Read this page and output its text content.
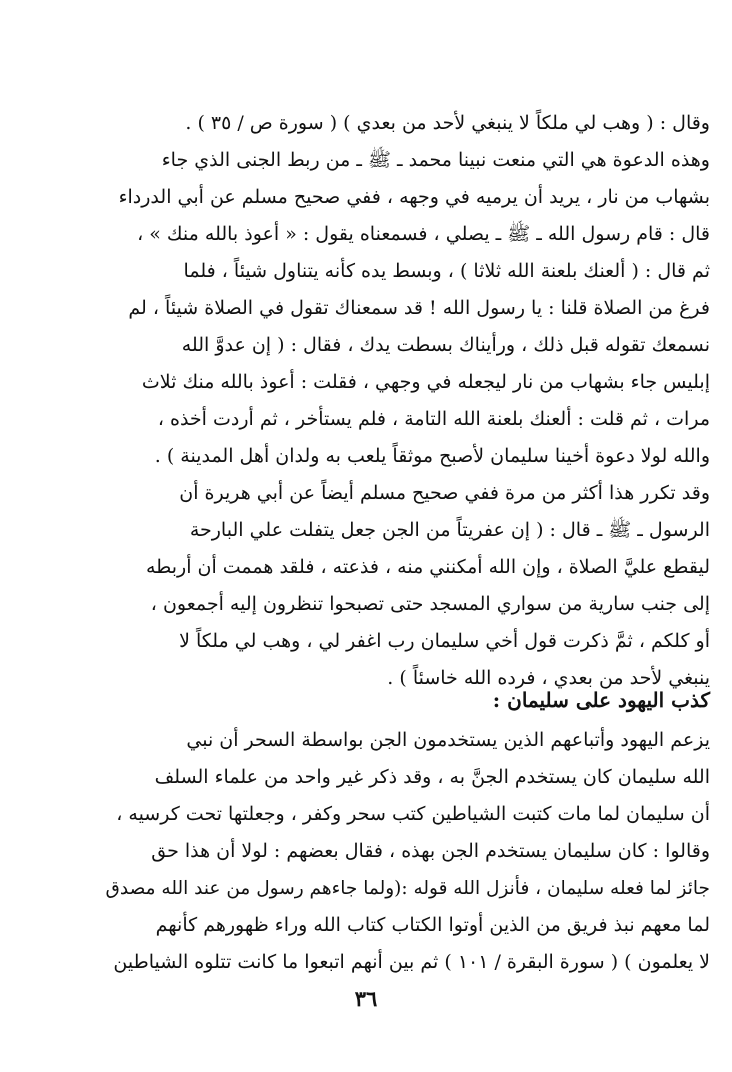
وقال : ( وهب لي ملكاً لا ينبغي لأحد من بعدي ) ( سورة ص / ٣٥ ) .
وهذه الدعوة هي التي منعت نبينا محمد ـ ﷺ ـ من ربط الجنى الذي جاء
بشهاب من نار ، يريد أن يرميه في وجهه ، ففي صحيح مسلم عن أبي الدرداء
قال : قام رسول الله ـ ﷺ ـ يصلي ، فسمعناه يقول : « أعوذ بالله منك » ،
ثم قال : ( ألعنك بلعنة الله ثلاثا ) ، وبسط يده كأنه يتناول شيئاً ، فلما
فرغ من الصلاة قلنا : يا رسول الله ! قد سمعناك تقول في الصلاة شيئاً ، لم
نسمعك تقوله قبل ذلك ، ورأيناك بسطت يدك ، فقال : ( إن عدوَّ الله
إبليس جاء بشهاب من نار ليجعله في وجهي ، فقلت : أعوذ بالله منك ثلاث
مرات ، ثم قلت : ألعنك بلعنة الله التامة ، فلم يستأخر ، ثم أردت أخذه ،
والله لولا دعوة أخينا سليمان لأصبح موثقاً يلعب به ولدان أهل المدينة ) .
وقد تكرر هذا أكثر من مرة ففي صحيح مسلم أيضاً عن أبي هريرة أن
الرسول ـ ﷺ ـ قال : ( إن عفريتاً من الجن جعل يتفلت علي البارحة
ليقطع عليَّ الصلاة ، وإن الله أمكنني منه ، فذعته ، فلقد هممت أن أربطه
إلى جنب سارية من سواري المسجد حتى تصبحوا تنظرون إليه أجمعون ،
أو كلكم ، ثمَّ ذكرت قول أخي سليمان رب اغفر لي ، وهب لي ملكاً لا
ينبغي لأحد من بعدي ، فرده الله خاسئاً ) .
كذب اليهود على سليمان :
يزعم اليهود وأتباعهم الذين يستخدمون الجن بواسطة السحر أن نبي
الله سليمان كان يستخدم الجنَّ به ، وقد ذكر غير واحد من علماء السلف
أن سليمان لما مات كتبت الشياطين كتب سحر وكفر ، وجعلتها تحت كرسيه ،
وقالوا : كان سليمان يستخدم الجن بهذه ، فقال بعضهم : لولا أن هذا حق
جائز لما فعله سليمان ، فأنزل الله قوله :(ولما جاءهم رسول من عند الله مصدق
لما معهم نبذ فريق من الذين أوتوا الكتاب كتاب الله وراء ظهورهم كأنهم
لا يعلمون ) ( سورة البقرة / ١٠١ ) ثم بين أنهم اتبعوا ما كانت تتلوه الشياطين
٣٦
